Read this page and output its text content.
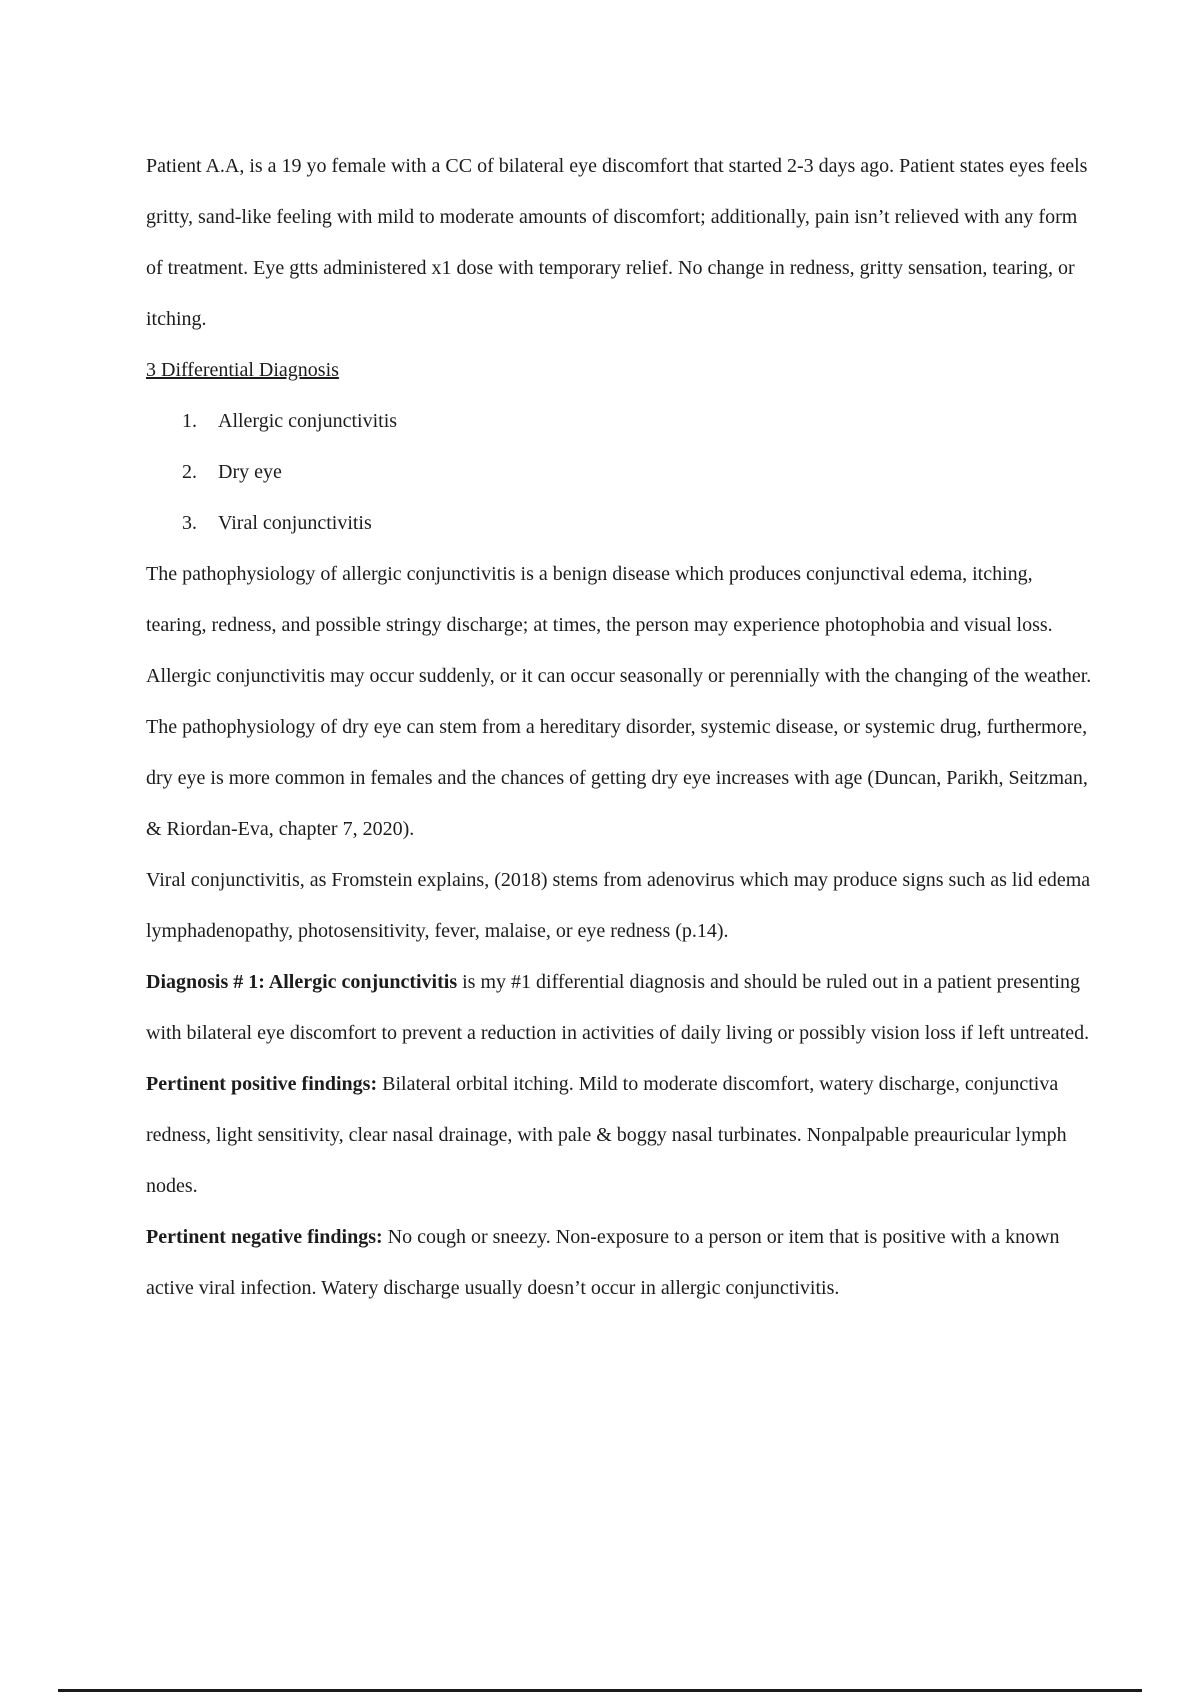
Patient A.A, is a 19 yo female with a CC of bilateral eye discomfort that started 2-3 days ago. Patient states eyes feels gritty, sand-like feeling with mild to moderate amounts of discomfort; additionally, pain isn’t relieved with any form of treatment. Eye gtts administered x1 dose with temporary relief. No change in redness, gritty sensation, tearing, or itching.

3 Differential Diagnosis

1. Allergic conjunctivitis
2. Dry eye
3. Viral conjunctivitis

The pathophysiology of allergic conjunctivitis is a benign disease which produces conjunctival edema, itching, tearing, redness, and possible stringy discharge; at times, the person may experience photophobia and visual loss. Allergic conjunctivitis may occur suddenly, or it can occur seasonally or perennially with the changing of the weather.

The pathophysiology of dry eye can stem from a hereditary disorder, systemic disease, or systemic drug, furthermore, dry eye is more common in females and the chances of getting dry eye increases with age (Duncan, Parikh, Seitzman, & Riordan-Eva, chapter 7, 2020).

Viral conjunctivitis, as Fromstein explains, (2018) stems from adenovirus which may produce signs such as lid edema lymphadenopathy, photosensitivity, fever, malaise, or eye redness (p.14).

Diagnosis # 1: Allergic conjunctivitis is my #1 differential diagnosis and should be ruled out in a patient presenting with bilateral eye discomfort to prevent a reduction in activities of daily living or possibly vision loss if left untreated.

Pertinent positive findings: Bilateral orbital itching. Mild to moderate discomfort, watery discharge, conjunctiva redness, light sensitivity, clear nasal drainage, with pale & boggy nasal turbinates. Nonpalpable preauricular lymph nodes.

Pertinent negative findings: No cough or sneezy. Non-exposure to a person or item that is positive with a known active viral infection. Watery discharge usually doesn’t occur in allergic conjunctivitis.
